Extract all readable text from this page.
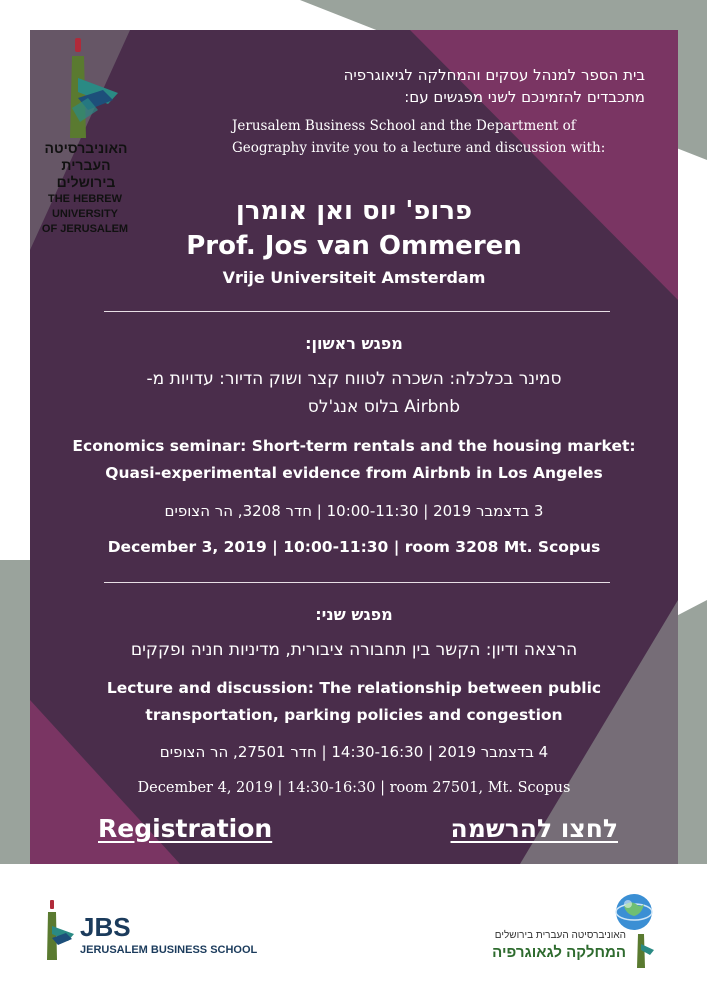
האוניברסיטה
העברית
בירושלים
THE HEBREW
UNIVERSITY
OF JERUSALEM

בית הספר למנהל עסקים והמחלקה לגיאוגרפיה

מתכבדים להזמינכם לשני מפגשים עם:

Jerusalem Business School and the Department of

Geography invite you to a lecture and discussion with:

פרופ' יוס ואן אומרן

Prof. Jos van Ommeren

Vrije Universiteit Amsterdam

מפגש ראשון:

סמינר בכלכלה: השכרה לטווח קצר ושוק הדיור: עדויות מ-

Airbnb בלוס אנג'לס

Economics seminar: Short-term rentals and the housing market:

Quasi-experimental evidence from Airbnb in Los Angeles

3 בדצמבר 2019 | 10:00-11:30 | חדר 3208, הר הצופים

December 3, 2019 | 10:00-11:30 | room 3208 Mt. Scopus

מפגש שני:

הרצאה ודיון: הקשר בין תחבורה ציבורית, מדיניות חניה ופקקים

Lecture and discussion: The relationship between public

transportation, parking policies and congestion

4 בדצמבר 2019 | 14:30-16:30 | חדר 27501, הר הצופים

December 4, 2019 | 14:30-16:30 | room 27501, Mt. Scopus

Registration	לחצו להרשמה
JBS
JERUSALEM BUSINESS SCHOOL
האוניברסיטה העברית בירושלים
המחלקה לגאוגרפיה
